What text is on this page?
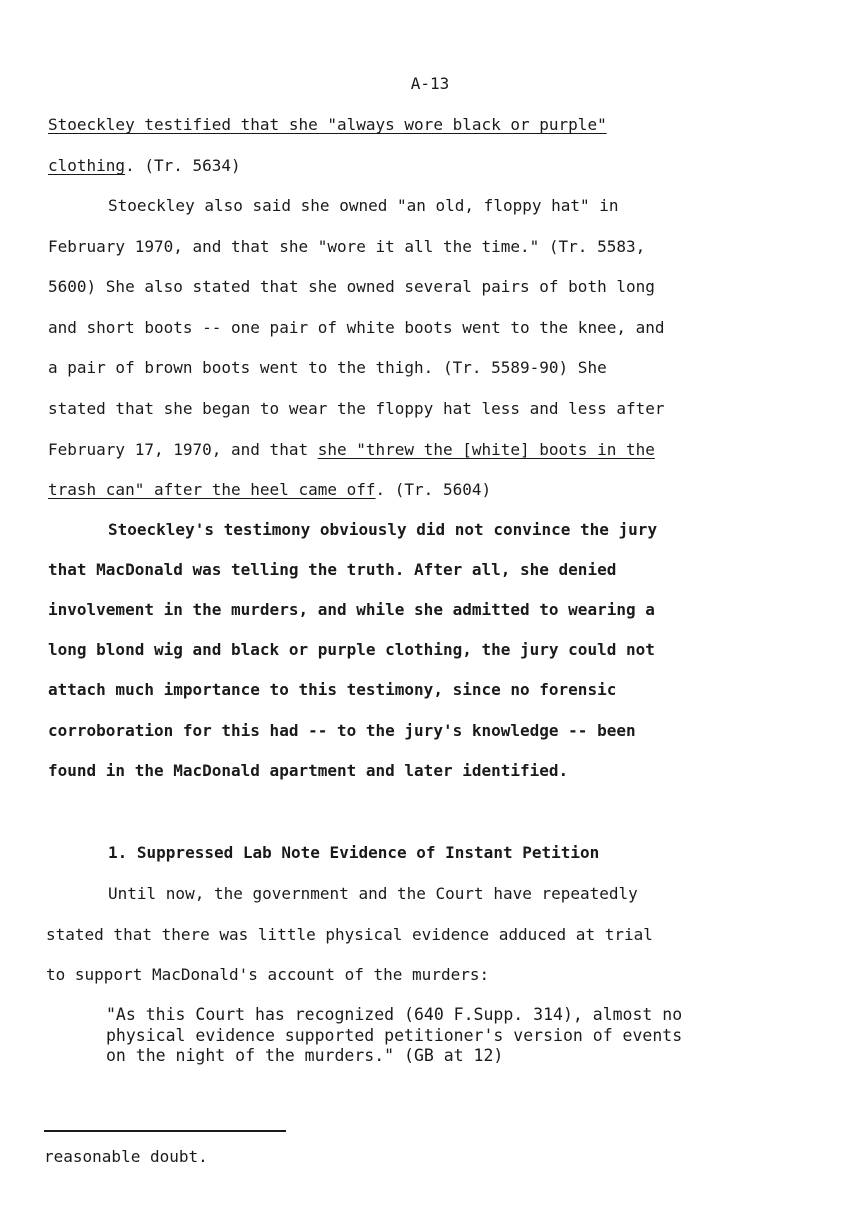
A-13
Stoeckley testified that she "always wore black or purple"
clothing. (Tr. 5634)
Stoeckley also said she owned "an old, floppy hat" in
February 1970, and that she "wore it all the time." (Tr. 5583,
5600) She also stated that she owned several pairs of both long
and short boots -- one pair of white boots went to the knee, and
a pair of brown boots went to the thigh. (Tr. 5589-90) She
stated that she began to wear the floppy hat less and less after
February 17, 1970, and that she "threw the [white] boots in the
trash can" after the heel came off. (Tr. 5604)
Stoeckley's testimony obviously did not convince the jury
that MacDonald was telling the truth. After all, she denied
involvement in the murders, and while she admitted to wearing a
long blond wig and black or purple clothing, the jury could not
attach much importance to this testimony, since no forensic
corroboration for this had -- to the jury's knowledge -- been
found in the MacDonald apartment and later identified.
1. Suppressed Lab Note Evidence of Instant Petition
Until now, the government and the Court have repeatedly
stated that there was little physical evidence adduced at trial
to support MacDonald's account of the murders:
"As this Court has recognized (640 F.Supp. 314), almost no
physical evidence supported petitioner's version of events
on the night of the murders." (GB at 12)
reasonable doubt.
